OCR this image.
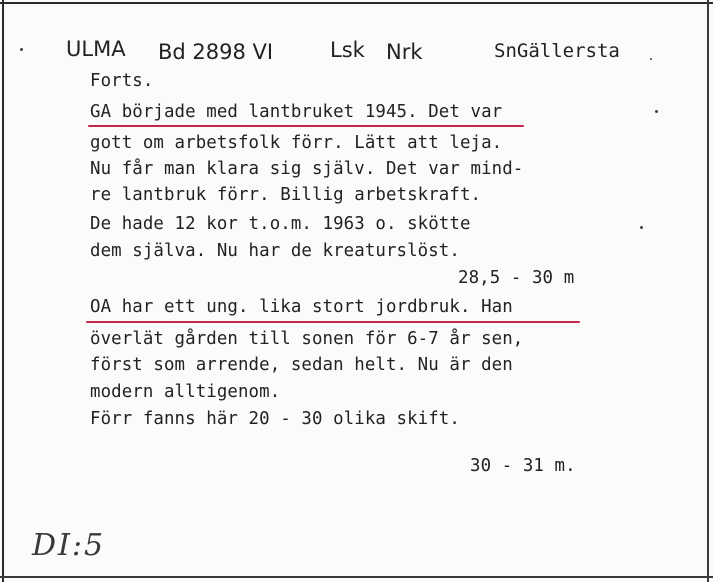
ULMA Bd 2898 VI	Lsk Nrk	SnGällersta
Forts.
GA började med lantbruket 1945. Det var
gott om arbetsfolk förr. Lätt att leja.
Nu får man klara sig själv. Det var mind-
re lantbruk förr. Billig arbetskraft.
De hade 12 kor t.o.m. 1963 o. skötte
dem själva. Nu har de kreaturslöst.
28,5 - 30 m
OA har ett ung. lika stort jordbruk. Han
överlät gården till sonen för 6-7 år sen,
först som arrende, sedan helt. Nu är den
modern alltigenom.
Förr fanns här 20 - 30 olika skift.
30 - 31 m.
DI:5
